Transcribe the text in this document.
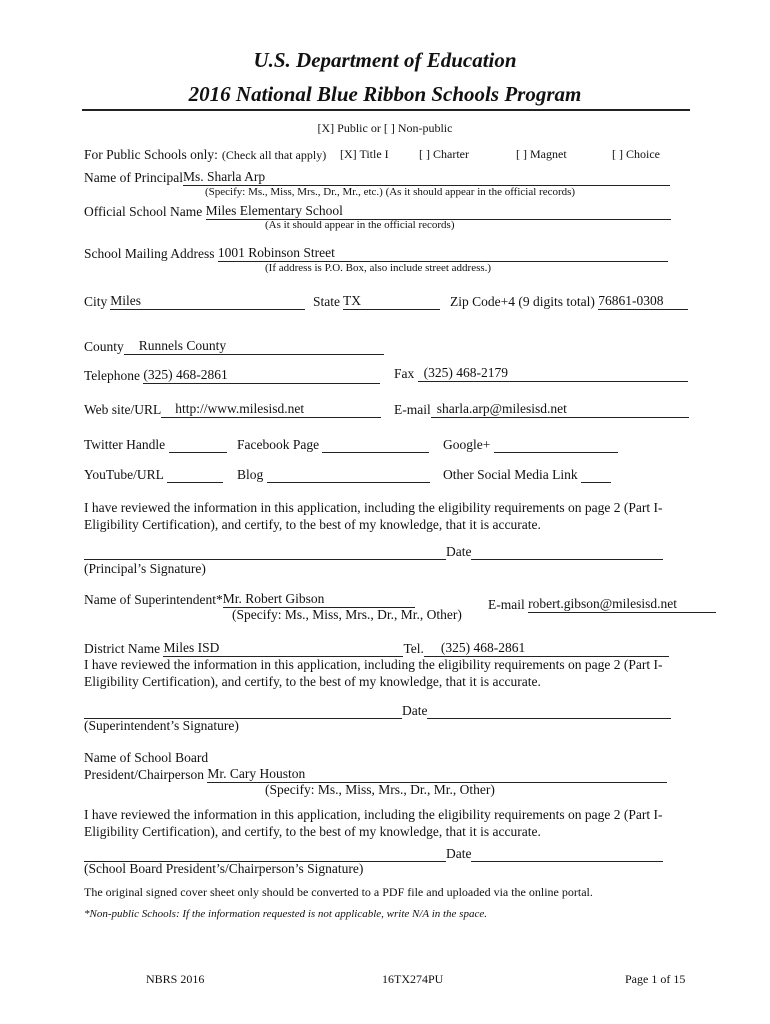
U.S. Department of Education
2016 National Blue Ribbon Schools Program
[X] Public or [ ] Non-public
For Public Schools only: (Check all that apply) [X] Title I	[ ] Charter	[ ] Magnet	[ ] Choice
Name of PrincipalMs. Sharla Arp
(Specify: Ms., Miss, Mrs., Dr., Mr., etc.) (As it should appear in the official records)
Official School Name Miles Elementary School
(As it should appear in the official records)
School Mailing Address 1001 Robinson Street
(If address is P.O. Box, also include street address.)
City Miles	State TX	Zip Code+4 (9 digits total) 76861-0308
County Runnels County
Telephone (325) 468-2861	Fax (325) 468-2179
Web site/URL http://www.milesisd.net	E-mail sharla.arp@milesisd.net
Twitter Handle	Facebook Page	Google+
YouTube/URL	Blog	Other Social Media Link
I have reviewed the information in this application, including the eligibility requirements on page 2 (Part I-Eligibility Certification), and certify, to the best of my knowledge, that it is accurate.
Date
(Principal’s Signature)
Name of Superintendent*Mr. Robert Gibson
(Specify: Ms., Miss, Mrs., Dr., Mr., Other)
E-mail robert.gibson@milesisd.net
District Name Miles ISD	Tel. (325) 468-2861
I have reviewed the information in this application, including the eligibility requirements on page 2 (Part I-Eligibility Certification), and certify, to the best of my knowledge, that it is accurate.
Date
(Superintendent’s Signature)
Name of School Board
President/Chairperson Mr. Cary Houston
(Specify: Ms., Miss, Mrs., Dr., Mr., Other)
I have reviewed the information in this application, including the eligibility requirements on page 2 (Part I-Eligibility Certification), and certify, to the best of my knowledge, that it is accurate.
Date
(School Board President’s/Chairperson’s Signature)
The original signed cover sheet only should be converted to a PDF file and uploaded via the online portal.
*Non-public Schools: If the information requested is not applicable, write N/A in the space.
NBRS 2016	16TX274PU	Page 1 of 15
